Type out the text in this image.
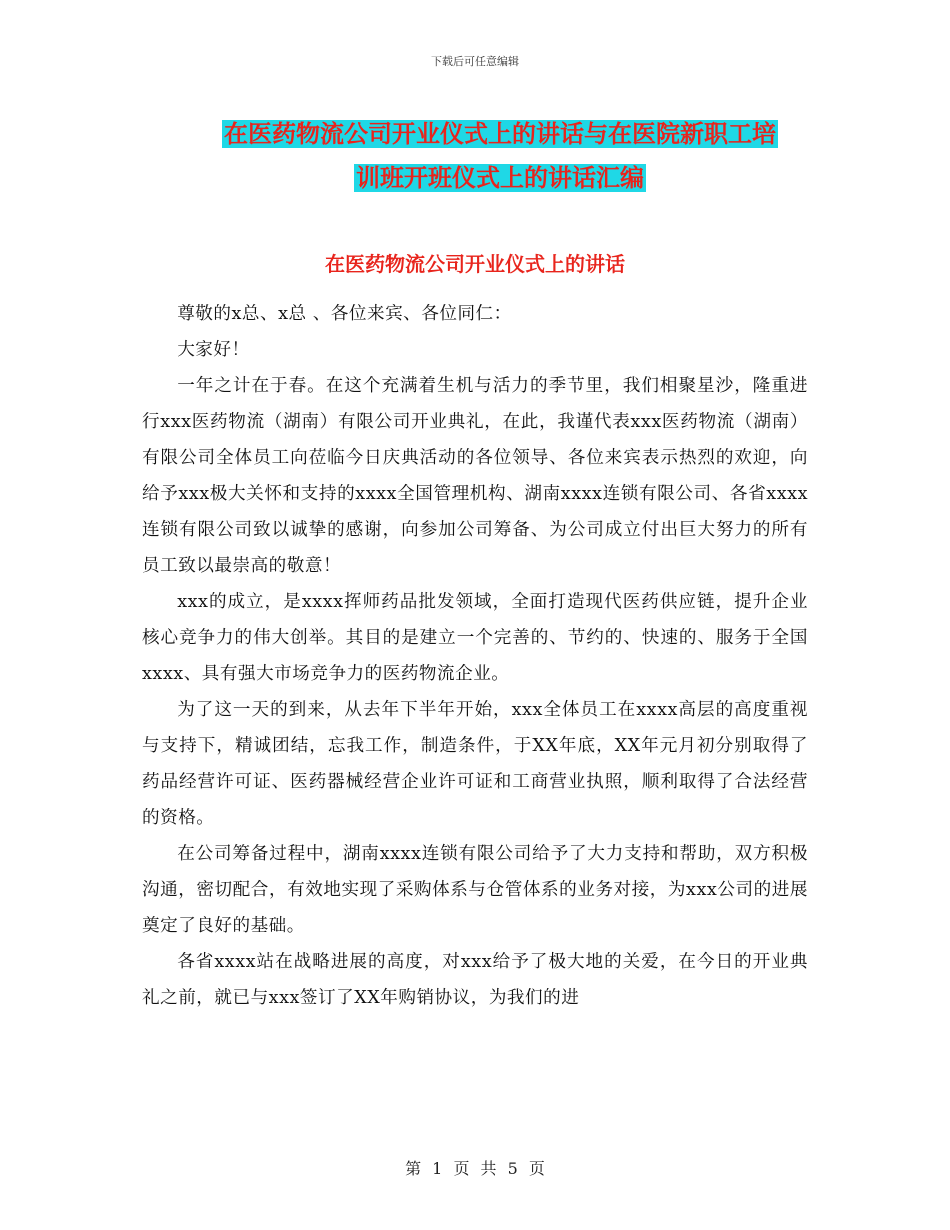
下载后可任意编辑
在医药物流公司开业仪式上的讲话与在医院新职工培
训班开班仪式上的讲话汇编
在医药物流公司开业仪式上的讲话

尊敬的x总、x总 、各位来宾、各位同仁：

大家好！

一年之计在于春。在这个充满着生机与活力的季节里，我们相聚星沙，隆重进行xxx医药物流（湖南）有限公司开业典礼，在此，我谨代表xxx医药物流（湖南）有限公司全体员工向莅临今日庆典活动的各位领导、各位来宾表示热烈的欢迎，向给予xxx极大关怀和支持的xxxx全国管理机构、湖南xxxx连锁有限公司、各省xxxx连锁有限公司致以诚挚的感谢，向参加公司筹备、为公司成立付出巨大努力的所有员工致以最崇高的敬意！

xxx的成立，是xxxx挥师药品批发领域，全面打造现代医药供应链，提升企业核心竞争力的伟大创举。其目的是建立一个完善的、节约的、快速的、服务于全国xxxx、具有强大市场竞争力的医药物流企业。

为了这一天的到来，从去年下半年开始，xxx全体员工在xxxx高层的高度重视与支持下，精诚团结，忘我工作，制造条件，于XX年底，XX年元月初分别取得了药品经营许可证、医药器械经营企业许可证和工商营业执照，顺利取得了合法经营的资格。

在公司筹备过程中，湖南xxxx连锁有限公司给予了大力支持和帮助，双方积极沟通，密切配合，有效地实现了采购体系与仓管体系的业务对接，为xxx公司的进展奠定了良好的基础。

各省xxxx站在战略进展的高度，对xxx给予了极大地的关爱，在今日的开业典礼之前，就已与xxx签订了XX年购销协议，为我们的进

第 1 页 共 5 页
